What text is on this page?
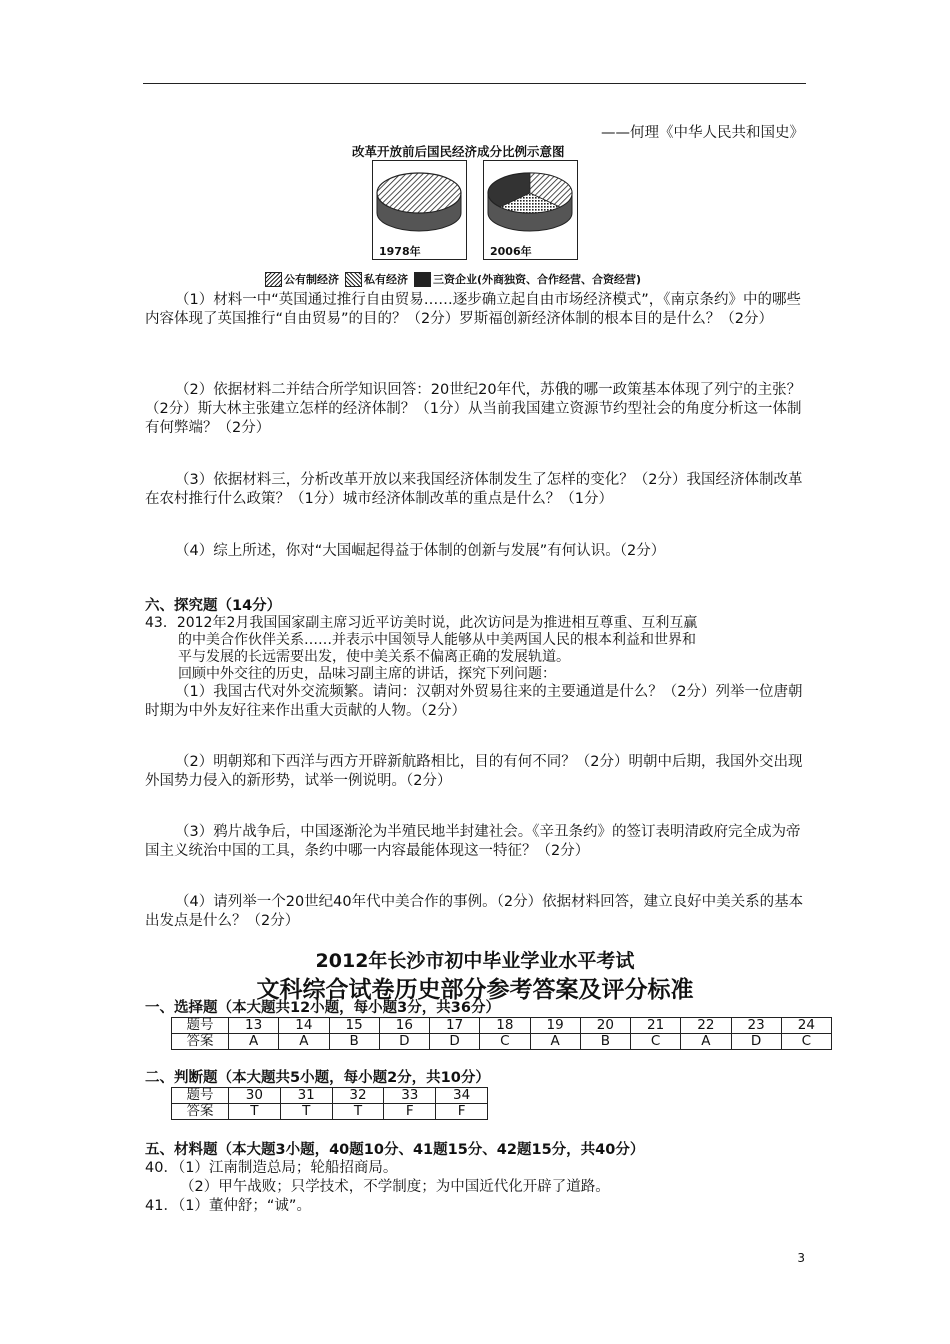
——何理《中华人民共和国史》
改革开放前后国民经济成分比例示意图
1978年	2006年
公有制经济 私有经济 三资企业(外商独资、合作经营、合资经营)

（1）材料一中“英国通过推行自由贸易……逐步确立起自由市场经济模式”，《南京条约》中的哪些内容体现了英国推行“自由贸易”的目的？（2分）罗斯福创新经济体制的根本目的是什么？（2分）

（2）依据材料二并结合所学知识回答：20世纪20年代，苏俄的哪一政策基本体现了列宁的主张？（2分）斯大林主张建立怎样的经济体制？（1分）从当前我国建立资源节约型社会的角度分析这一体制有何弊端？（2分）

（3）依据材料三，分析改革开放以来我国经济体制发生了怎样的变化？（2分）我国经济体制改革在农村推行什么政策？（1分）城市经济体制改革的重点是什么？（1分）

（4）综上所述，你对“大国崛起得益于体制的创新与发展”有何认识。（2分）

六、探究题（14分）

43．2012年2月我国国家副主席习近平访美时说，此次访问是为推进相互尊重、互利互赢

的中美合作伙伴关系……并表示中国领导人能够从中美两国人民的根本利益和世界和

平与发展的长远需要出发，使中美关系不偏离正确的发展轨道。

回顾中外交往的历史，品味习副主席的讲话，探究下列问题：

（1）我国古代对外交流频繁。请问：汉朝对外贸易往来的主要通道是什么？（2分）列举一位唐朝时期为中外友好往来作出重大贡献的人物。（2分）

（2）明朝郑和下西洋与西方开辟新航路相比，目的有何不同？（2分）明朝中后期，我国外交出现外国势力侵入的新形势，试举一例说明。（2分）

（3）鸦片战争后，中国逐渐沦为半殖民地半封建社会。《辛丑条约》的签订表明清政府完全成为帝国主义统治中国的工具，条约中哪一内容最能体现这一特征？（2分）

（4）请列举一个20世纪40年代中美合作的事例。（2分）依据材料回答，建立良好中美关系的基本出发点是什么？（2分）

2012年长沙市初中毕业学业水平考试
文科综合试卷历史部分参考答案及评分标准

一、选择题（本大题共12小题，每小题3分，共36分）

题号	13	14	15	16	17	18	19	20	21	22	23	24
答案	A	A	B	D	D	C	A	B	C	A	D	C

二、判断题（本大题共5小题，每小题2分，共10分）

题号	30	31	32	33	34
答案	T	T	T	F	F

五、材料题（本大题3小题，40题10分、41题15分、42题15分，共40分）

40．（1）江南制造总局；轮船招商局。

（2）甲午战败；只学技术，不学制度；为中国近代化开辟了道路。

41．（1）董仲舒；“诚”。

3
